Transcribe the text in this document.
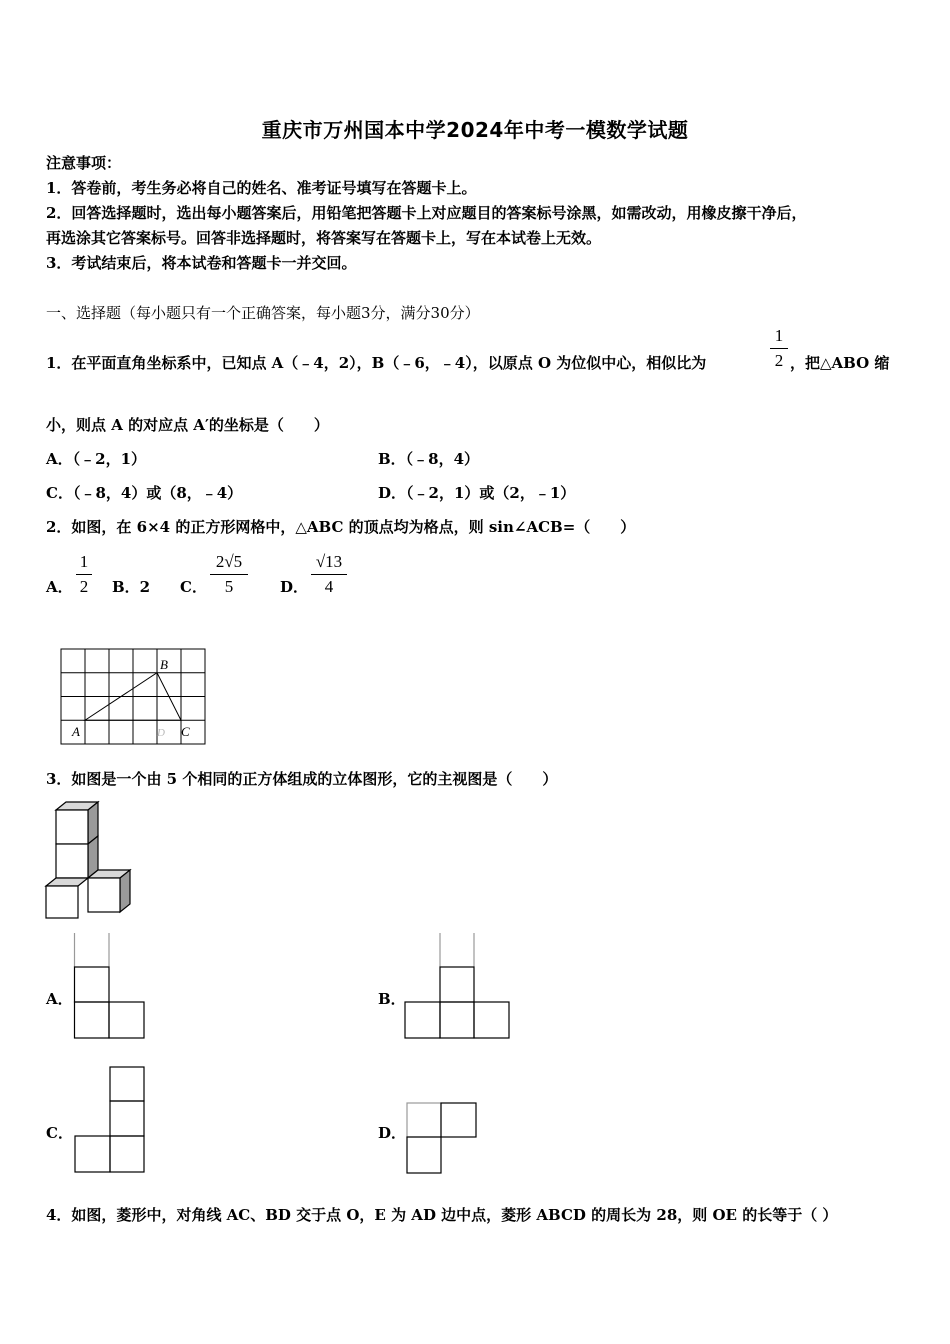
重庆市万州国本中学2024年中考一模数学试题
注意事项：
1．答卷前，考生务必将自己的姓名、准考证号填写在答题卡上。
2．回答选择题时，选出每小题答案后，用铅笔把答题卡上对应题目的答案标号涂黑，如需改动，用橡皮擦干净后，
再选涂其它答案标号。回答非选择题时，将答案写在答题卡上，写在本试卷上无效。
3．考试结束后，将本试卷和答题卡一并交回。
一、选择题（每小题只有一个正确答案，每小题3分，满分30分）
1．在平面直角坐标系中，已知点 A（﹣4，2），B（﹣6，﹣4），以原点 O 为位似中心，相似比为
1
2 ，把△ABO 缩
小，则点 A 的对应点 A′的坐标是（　　）
A．（﹣2，1）	B．（﹣8，4）
C．（﹣8，4）或（8，﹣4）	D．（﹣2，1）或（2，﹣1）
2．如图，在 6×4 的正方形网格中，△ABC 的顶点均为格点，则 sin∠ACB=（　　）
A．
1
2 B．2 C．
2√5
5	D．
√13
4
A
B
C
D
3．如图是一个由 5 个相同的正方体组成的立体图形，它的主视图是（　　）
A．	B．
C．	D．
4．如图，菱形中，对角线 AC、BD 交于点 O，E 为 AD 边中点，菱形 ABCD 的周长为 28，则 OE 的长等于（ ）
